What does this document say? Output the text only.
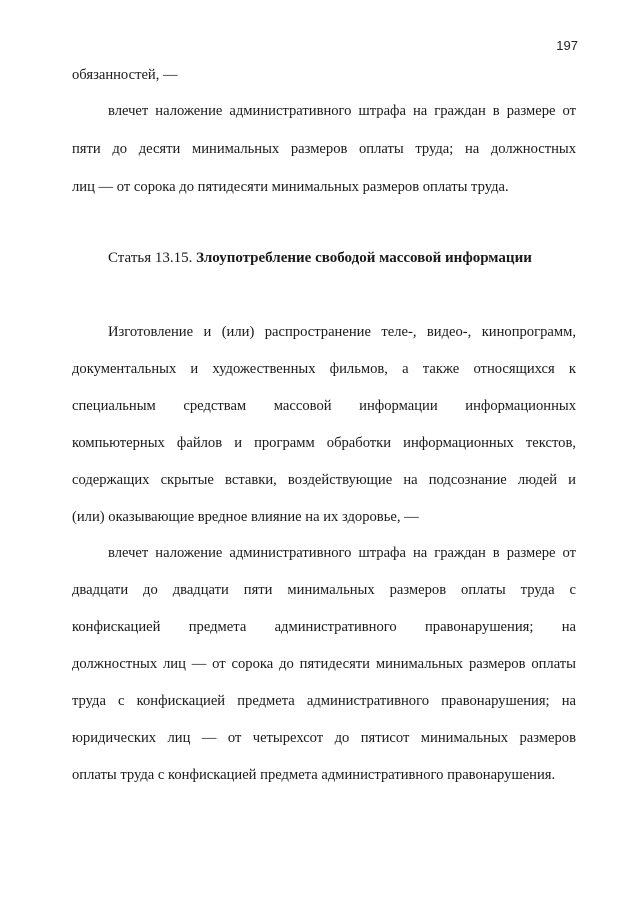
197
обязанностей, —
влечет наложение административного штрафа на граждан в размере от
пяти до десяти минимальных размеров оплаты труда; на должностных
лиц — от сорока до пятидесяти минимальных размеров оплаты труда.
Статья 13.15. Злоупотребление свободой массовой информации
Изготовление и (или) распространение теле-, видео-, кинопрограмм,
документальных и художественных фильмов, а также относящихся к
специальным средствам массовой информации информационных
компьютерных файлов и программ обработки информационных текстов,
содержащих скрытые вставки, воздействующие на подсознание людей и
(или) оказывающие вредное влияние на их здоровье, —
влечет наложение административного штрафа на граждан в размере от
двадцати до двадцати пяти минимальных размеров оплаты труда с
конфискацией предмета административного правонарушения; на
должностных лиц — от сорока до пятидесяти минимальных размеров оплаты
труда с конфискацией предмета административного правонарушения; на
юридических лиц — от четырехсот до пятисот минимальных размеров
оплаты труда с конфискацией предмета административного правонарушения.
